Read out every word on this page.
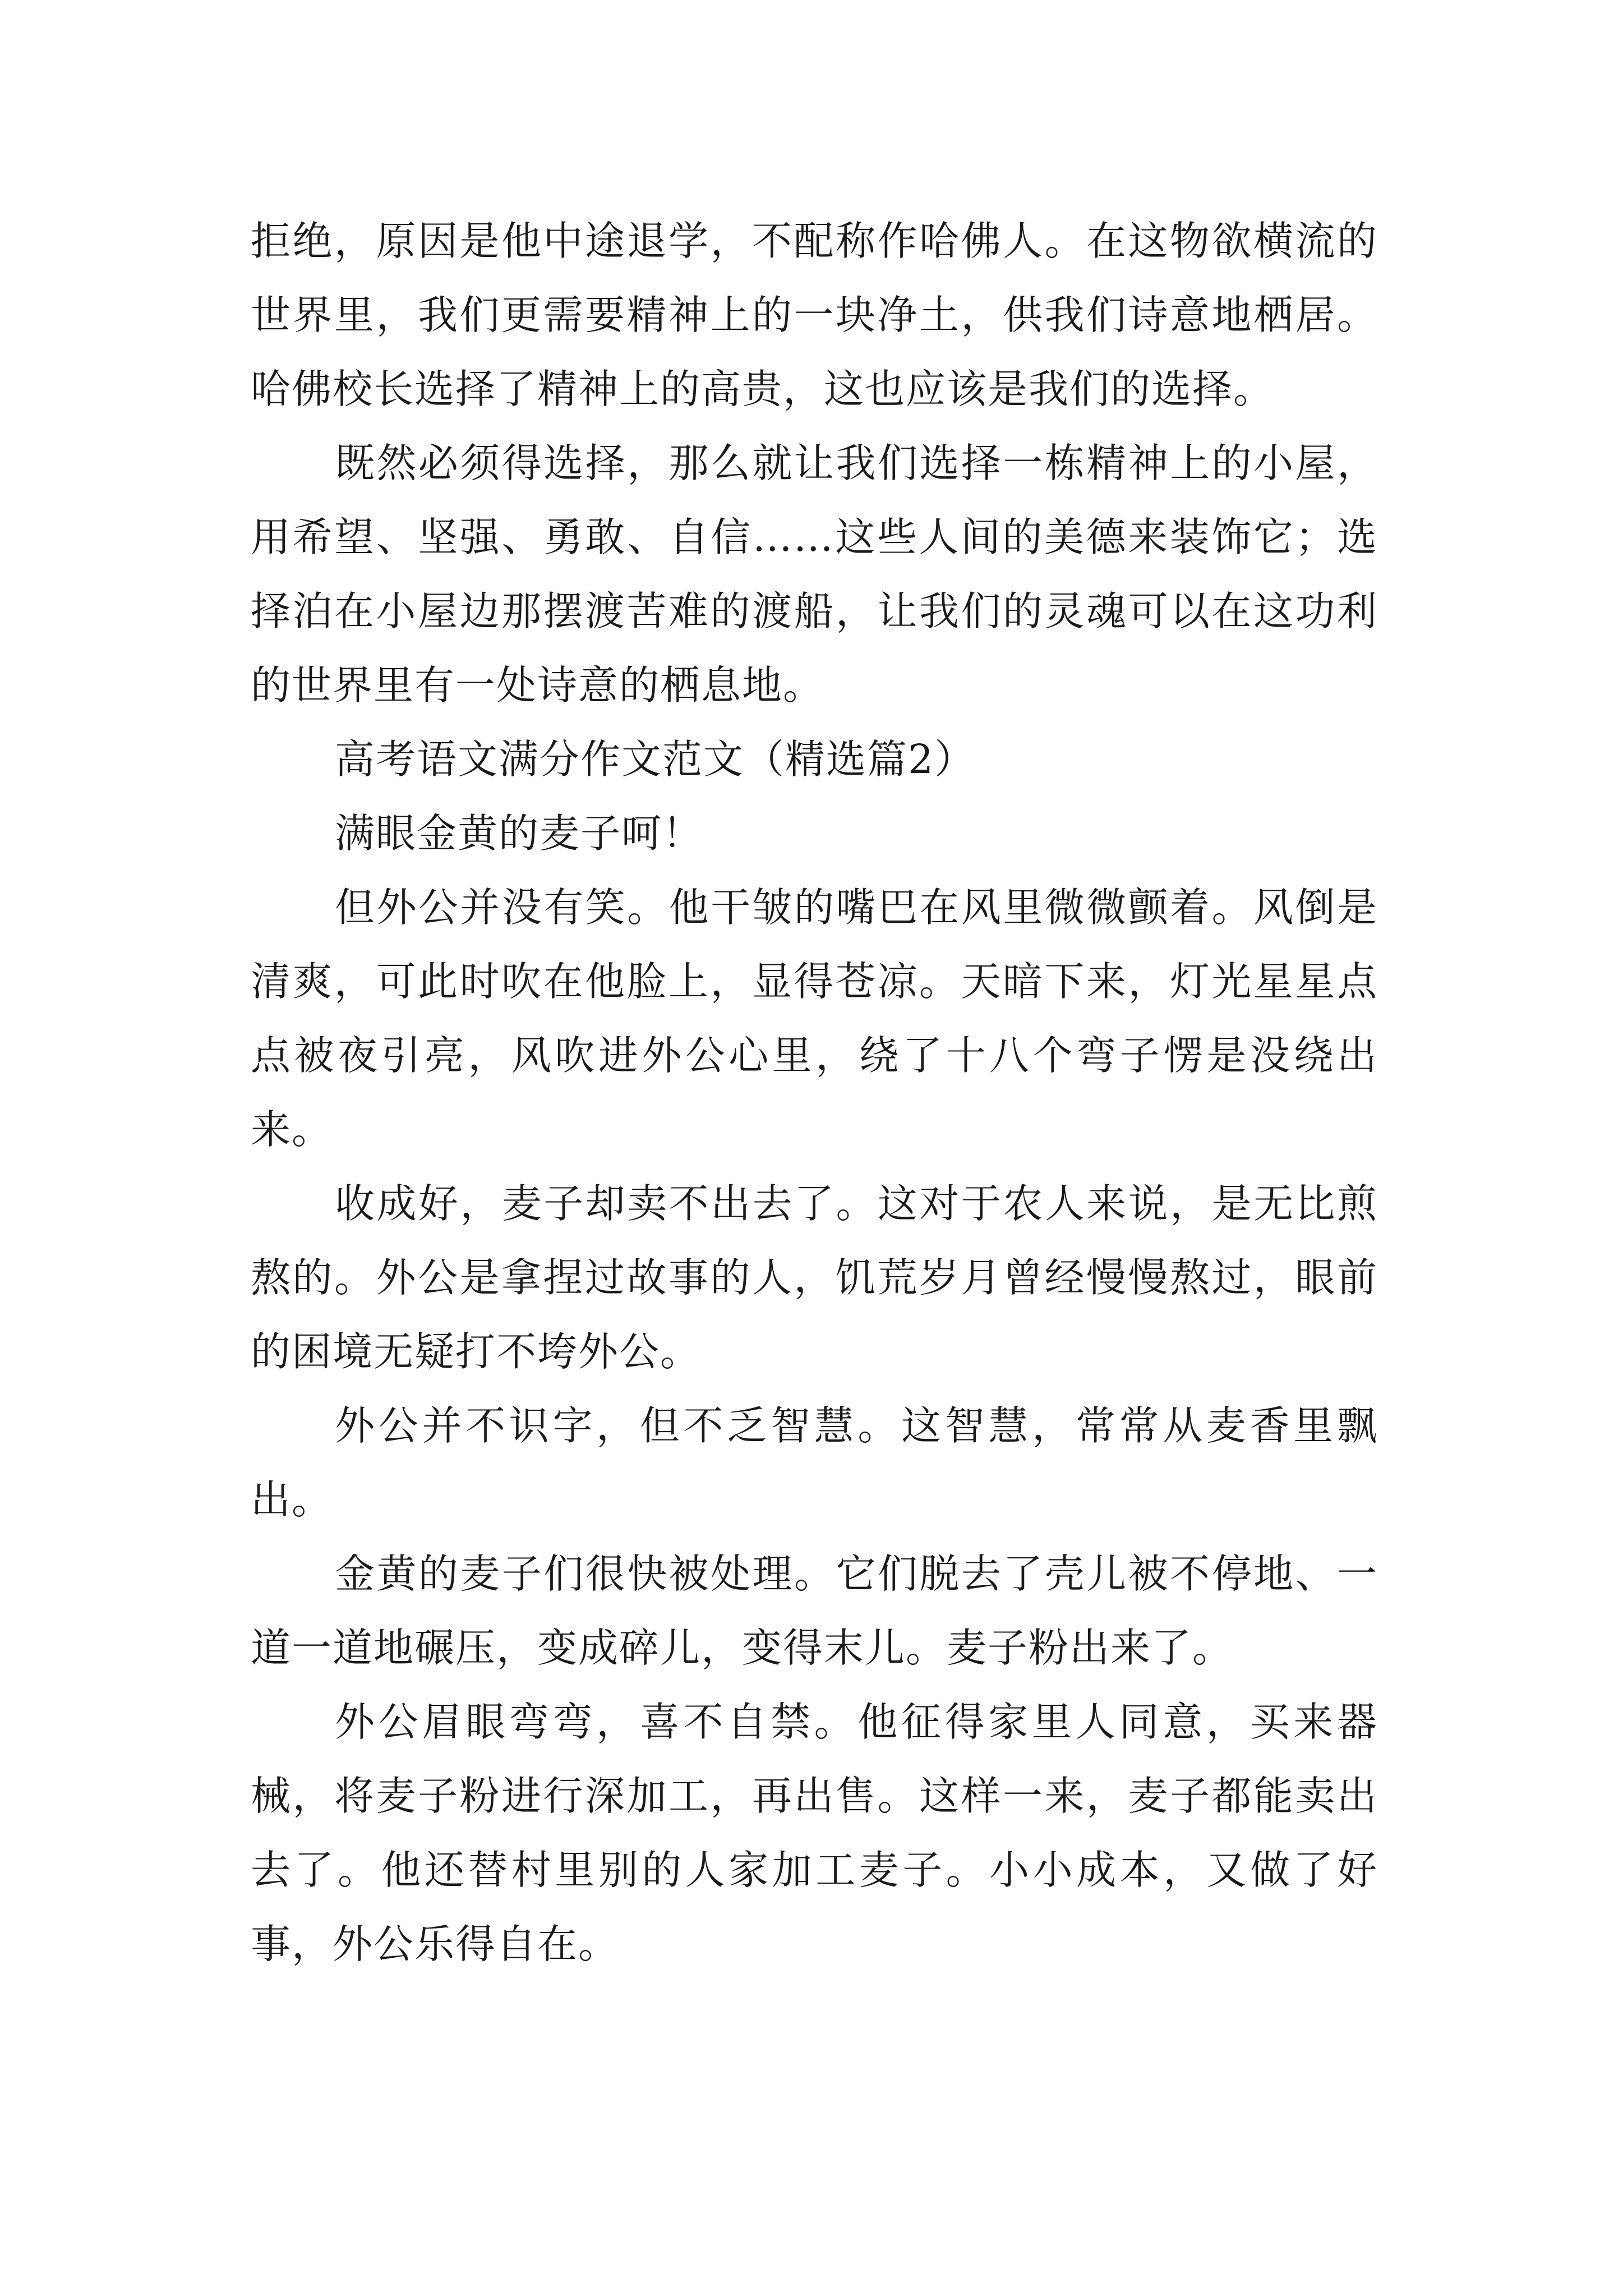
拒绝，原因是他中途退学，不配称作哈佛人。在这物欲横流的世界里，我们更需要精神上的一块净土，供我们诗意地栖居。哈佛校长选择了精神上的高贵，这也应该是我们的选择。

既然必须得选择，那么就让我们选择一栋精神上的小屋，用希望、坚强、勇敢、自信……这些人间的美德来装饰它；选择泊在小屋边那摆渡苦难的渡船，让我们的灵魂可以在这功利的世界里有一处诗意的栖息地。

高考语文满分作文范文（精选篇2）

满眼金黄的麦子呵！

但外公并没有笑。他干皱的嘴巴在风里微微颤着。风倒是清爽，可此时吹在他脸上，显得苍凉。天暗下来，灯光星星点点被夜引亮，风吹进外公心里，绕了十八个弯子愣是没绕出来。

收成好，麦子却卖不出去了。这对于农人来说，是无比煎熬的。外公是拿捏过故事的人，饥荒岁月曾经慢慢熬过，眼前的困境无疑打不垮外公。

外公并不识字，但不乏智慧。这智慧，常常从麦香里飘出。

金黄的麦子们很快被处理。它们脱去了壳儿被不停地、一道一道地碾压，变成碎儿，变得末儿。麦子粉出来了。

外公眉眼弯弯，喜不自禁。他征得家里人同意，买来器械，将麦子粉进行深加工，再出售。这样一来，麦子都能卖出去了。他还替村里别的人家加工麦子。小小成本，又做了好事，外公乐得自在。
